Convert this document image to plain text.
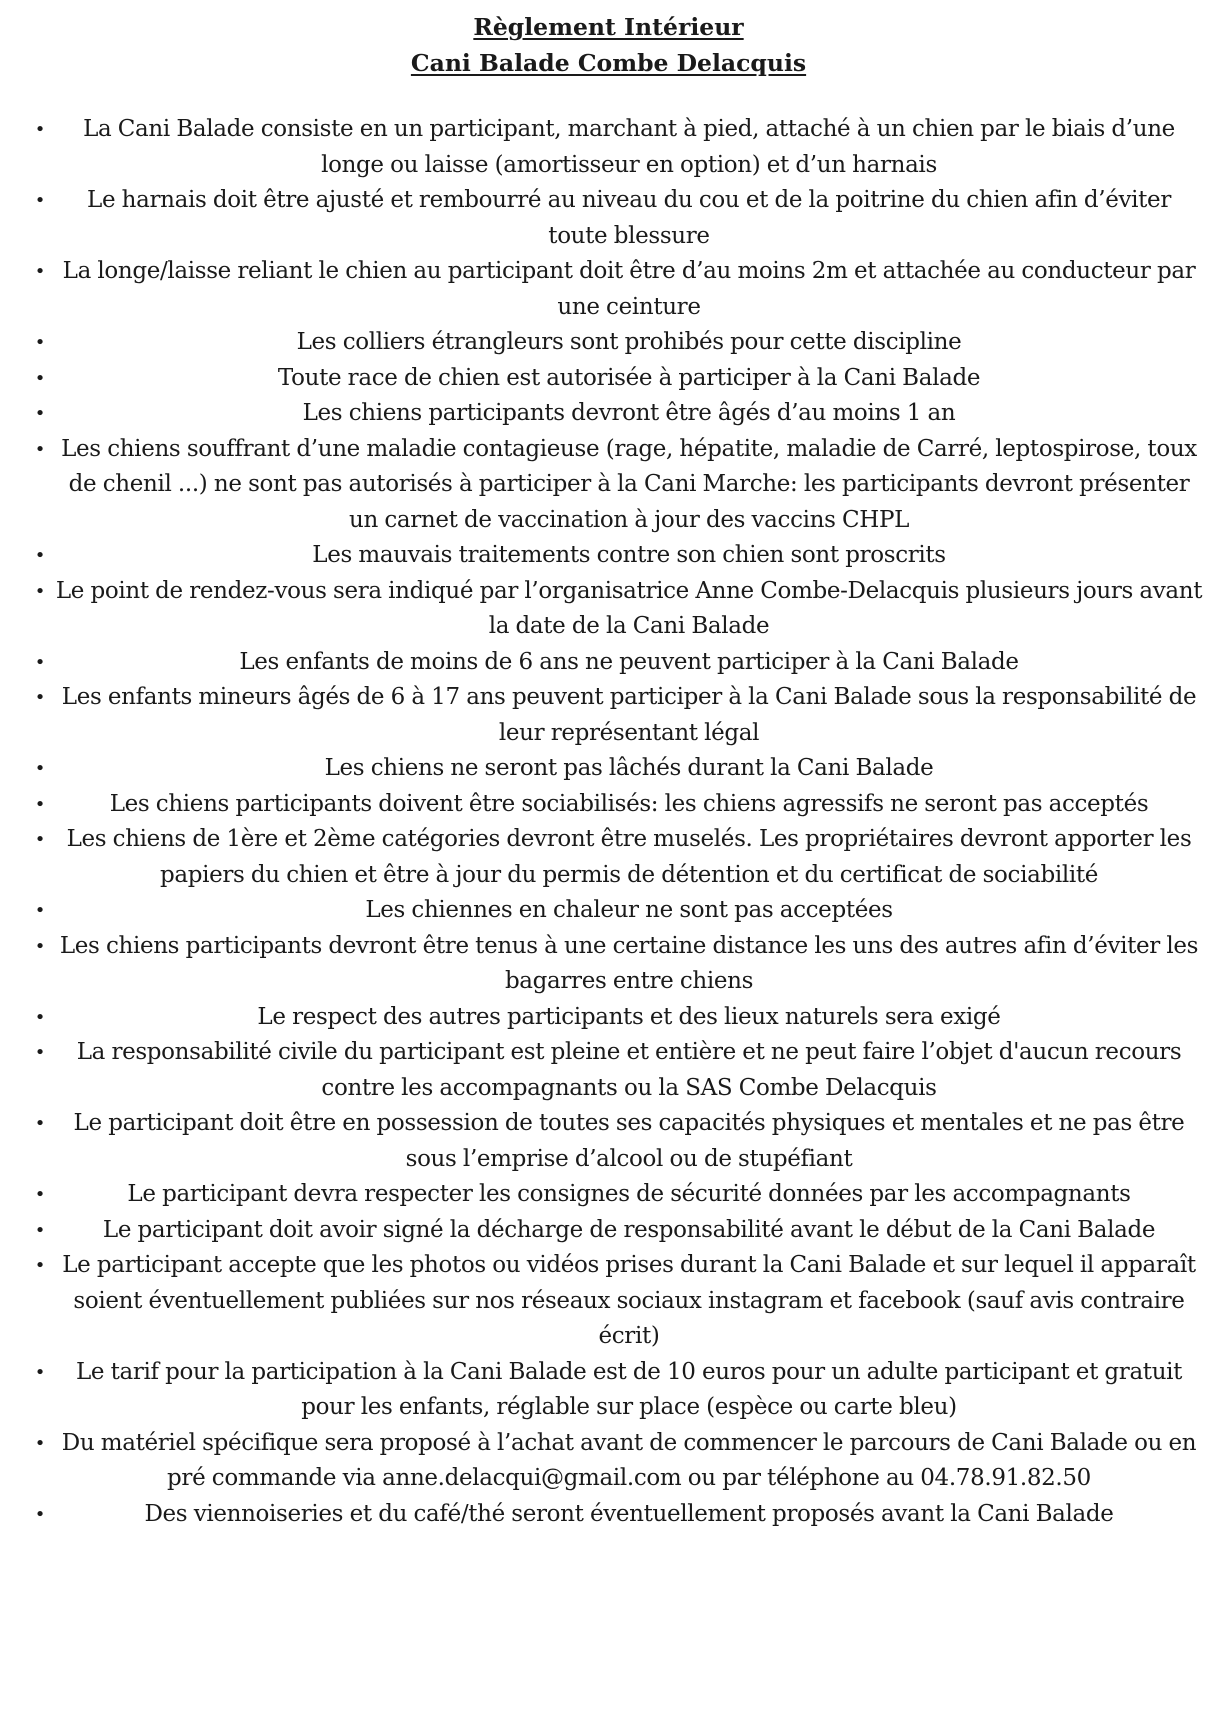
Règlement Intérieur
Cani Balade Combe Delacquis
•	La Cani Balade consiste en un participant, marchant à pied, attaché à un chien par le biais d’une longe ou laisse (amortisseur en option) et d’un harnais
•	Le harnais doit être ajusté et rembourré au niveau du cou et de la poitrine du chien afin d’éviter toute blessure
• La longe/laisse reliant le chien au participant doit être d’au moins 2m et attachée au conducteur par une ceinture
•	Les colliers étrangleurs sont prohibés pour cette discipline
•	Toute race de chien est autorisée à participer à la Cani Balade
•	Les chiens participants devront être âgés d’au moins 1 an
• Les chiens souffrant d’une maladie contagieuse (rage, hépatite, maladie de Carré, leptospirose, toux de chenil ...) ne sont pas autorisés à participer à la Cani Marche: les participants devront présenter un carnet de vaccination à jour des vaccins CHPL
•	Les mauvais traitements contre son chien sont proscrits
• Le point de rendez-vous sera indiqué par l’organisatrice Anne Combe-Delacquis plusieurs jours avant la date de la Cani Balade
•	Les enfants de moins de 6 ans ne peuvent participer à la Cani Balade
• Les enfants mineurs âgés de 6 à 17 ans peuvent participer à la Cani Balade sous la responsabilité de leur représentant légal
•	Les chiens ne seront pas lâchés durant la Cani Balade
•	Les chiens participants doivent être sociabilisés: les chiens agressifs ne seront pas acceptés
• Les chiens de 1ère et 2ème catégories devront être muselés. Les propriétaires devront apporter les papiers du chien et être à jour du permis de détention et du certificat de sociabilité
•	Les chiennes en chaleur ne sont pas acceptées
• Les chiens participants devront être tenus à une certaine distance les uns des autres afin d’éviter les bagarres entre chiens
•	Le respect des autres participants et des lieux naturels sera exigé
•	La responsabilité civile du participant est pleine et entière et ne peut faire l’objet d'aucun recours contre les accompagnants ou la SAS Combe Delacquis
•	Le participant doit être en possession de toutes ses capacités physiques et mentales et ne pas être sous l’emprise d’alcool ou de stupéfiant
•	Le participant devra respecter les consignes de sécurité données par les accompagnants
•	Le participant doit avoir signé la décharge de responsabilité avant le début de la Cani Balade
• Le participant accepte que les photos ou vidéos prises durant la Cani Balade et sur lequel il apparaît soient éventuellement publiées sur nos réseaux sociaux instagram et facebook (sauf avis contraire écrit)
•	Le tarif pour la participation à la Cani Balade est de 10 euros pour un adulte participant et gratuit pour les enfants, réglable sur place (espèce ou carte bleu)
• Du matériel spécifique sera proposé à l’achat avant de commencer le parcours de Cani Balade ou en pré commande via anne.delacqui@gmail.com ou par téléphone au 04.78.91.82.50
•	Des viennoiseries et du café/thé seront éventuellement proposés avant la Cani Balade
